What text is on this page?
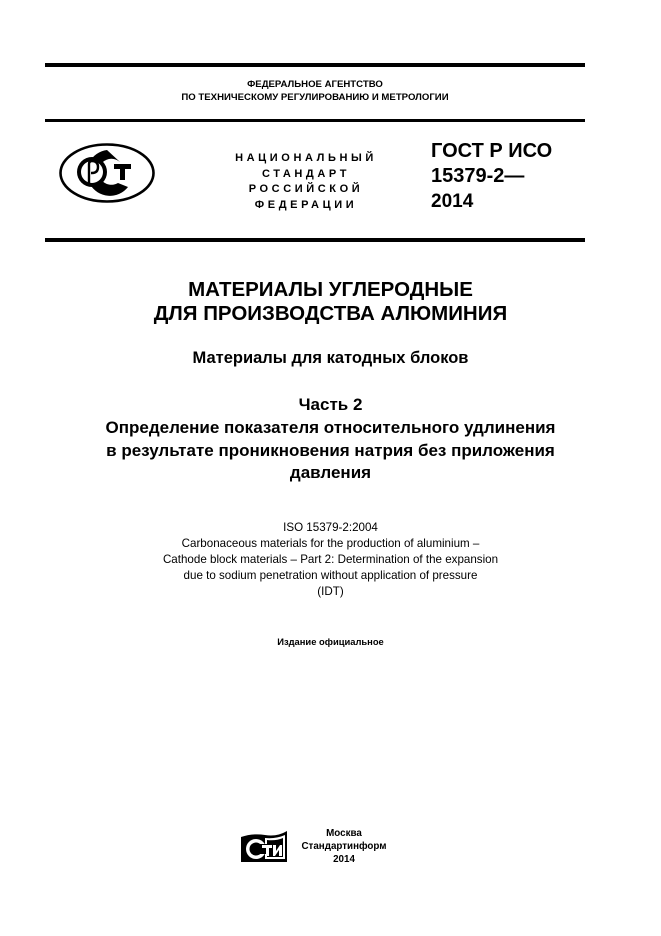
ФЕДЕРАЛЬНОЕ АГЕНТСТВО
ПО ТЕХНИЧЕСКОМУ РЕГУЛИРОВАНИЮ И МЕТРОЛОГИИ
НАЦИОНАЛЬНЫЙ
СТАНДАРТ
РОССИЙСКОЙ
ФЕДЕРАЦИИ
ГОСТ Р ИСО
15379-2—
2014
МАТЕРИАЛЫ УГЛЕРОДНЫЕ
ДЛЯ ПРОИЗВОДСТВА АЛЮМИНИЯ
Материалы для катодных блоков
Часть 2
Определение показателя относительного удлинения
в результате проникновения натрия без приложения
давления
ISO 15379-2:2004
Carbonaceous materials for the production of aluminium –
Cathode block materials – Part 2: Determination of the expansion
due to sodium penetration without application of pressure
(IDT)
Издание официальное
Москва
Стандартинформ
2014
